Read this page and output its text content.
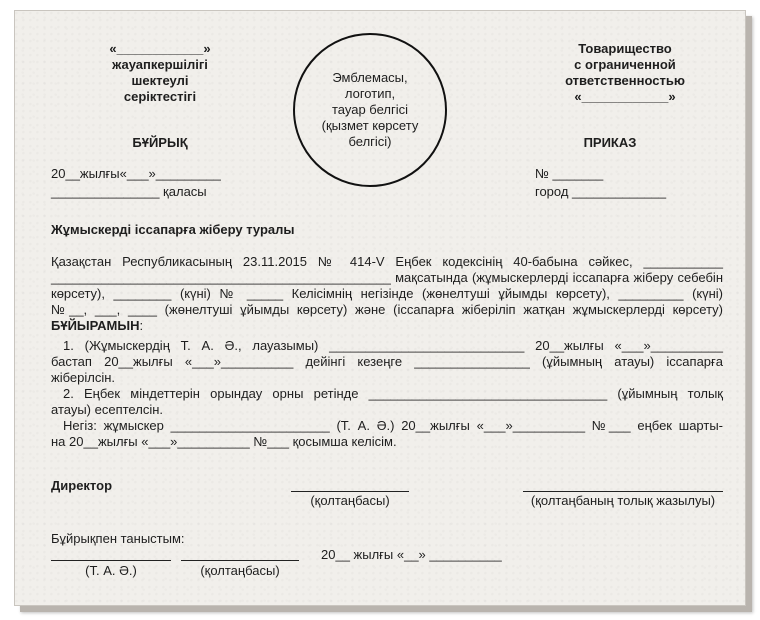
«____________»
жауапкершілігі
шектеулі
серіктестігі
Эмблемасы,
логотип,
тауар белгісі
(қызмет көрсету
белгісі)
Товарищество
с ограниченной
ответственностью
«____________»
БҰЙРЫҚ	ПРИКАЗ
20__жылғы«___»_________
_______________ қаласы
№ _______
город _____________
Жұмыскерді іссапарға жіберу туралы
Қазақстан Республикасының 23.11.2015 № 414-V Еңбек кодексінің 40-бабына сәйкес, ___________
_______________________________________________ мақсатында (жұмыскерлерді іссапарға жіберу себебін
көрсету), ________ (күні) № _____ Келісімнің негізінде (жөнелтуші ұйымды көрсету), _________ (күні)
№__, ___, ____ (жөнелтуші ұйымды көрсету) және (іссапарға жіберіліп жатқан жұмыскерлерді көрсету)
БҰЙЫРАМЫН:
1. (Жұмыскердің Т. А. Ә., лауазымы) ___________________________ 20__жылғы «___»__________
бастап 20__жылғы «___»__________ дейінгі кезеңге ________________ (ұйымның атауы) іссапарға
жіберілсін.
2. Еңбек міндеттерін орындау орны ретінде _________________________________ (ұйымның толық
атауы) есептелсін.
Негіз: жұмыскер ______________________ (Т. А. Ә.) 20__жылғы «___»__________ №___ еңбек шарты-
на 20__жылғы «___»__________ №___ қосымша келісім.
Директор
(қолтаңбасы)	(қолтаңбаның толық жазылуы)
Бұйрықпен таныстым:
(Т. А. Ә.)	(қолтаңбасы)
20__ жылғы «__» __________
